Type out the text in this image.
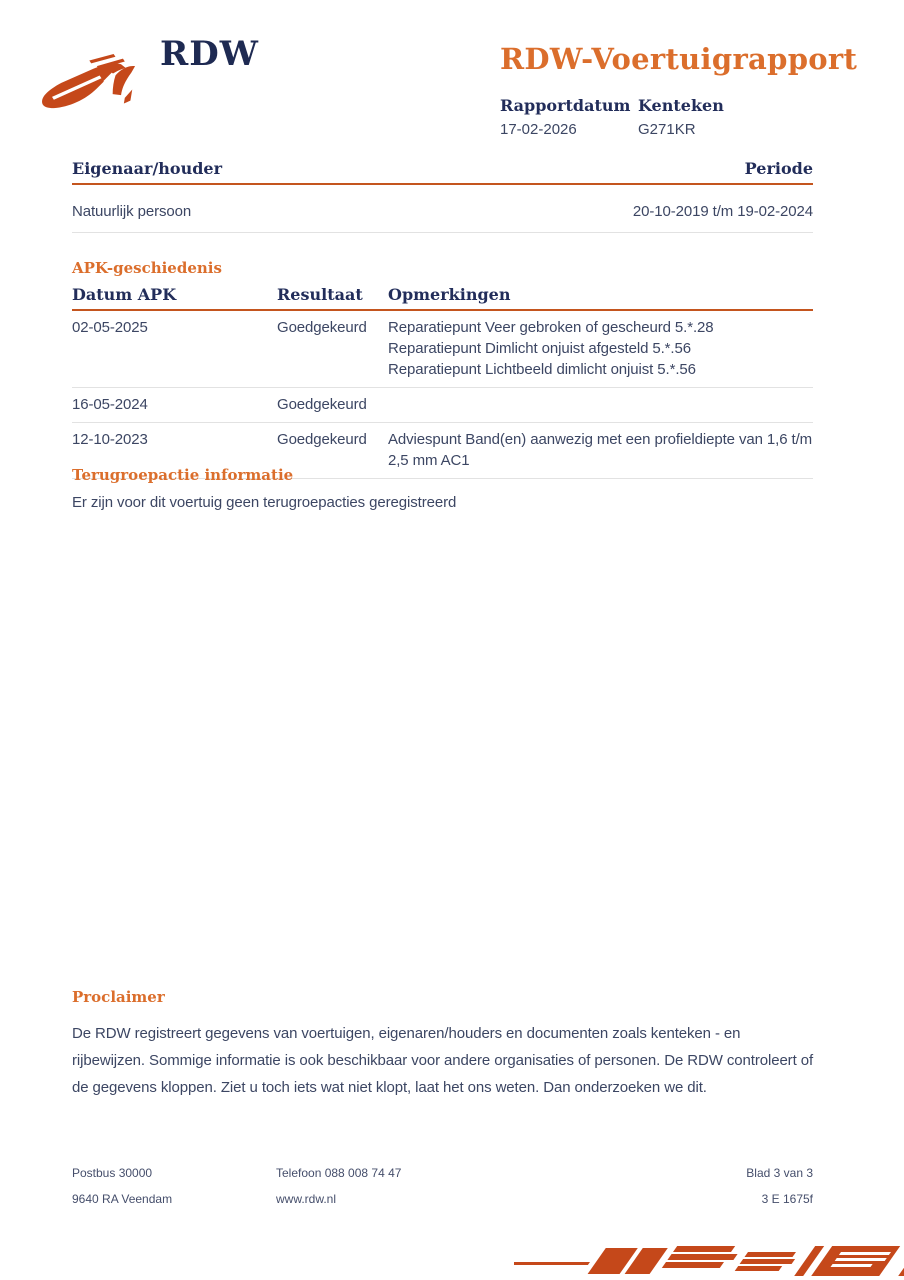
RDW	RDW-Voertuigrapport
Rapportdatum
17-02-2026
Kenteken
G271KR
Eigenaar/houder	Periode
Natuurlijk persoon	20-10-2019 t/m 19-02-2024
APK-geschiedenis
Datum APK	Resultaat	Opmerkingen
02-05-2025	Goedgekeurd	Reparatiepunt Veer gebroken of gescheurd 5.*.28
Reparatiepunt Dimlicht onjuist afgesteld 5.*.56
Reparatiepunt Lichtbeeld dimlicht onjuist 5.*.56
16-05-2024	Goedgekeurd
12-10-2023	Goedgekeurd	Adviespunt Band(en) aanwezig met een profieldiepte van 1,6 t/m 2,5 mm AC1
Terugroepactie informatie
Er zijn voor dit voertuig geen terugroepacties geregistreerd
Proclaimer
De RDW registreert gegevens van voertuigen, eigenaren/houders en documenten zoals kenteken - en rijbewijzen. Sommige informatie is ook beschikbaar voor andere organisaties of personen. De RDW controleert of de gegevens kloppen. Ziet u toch iets wat niet klopt, laat het ons weten. Dan onderzoeken we dit.
Postbus 30000
9640 RA Veendam
Telefoon 088 008 74 47
www.rdw.nl
Blad 3 van 3
3 E 1675f
